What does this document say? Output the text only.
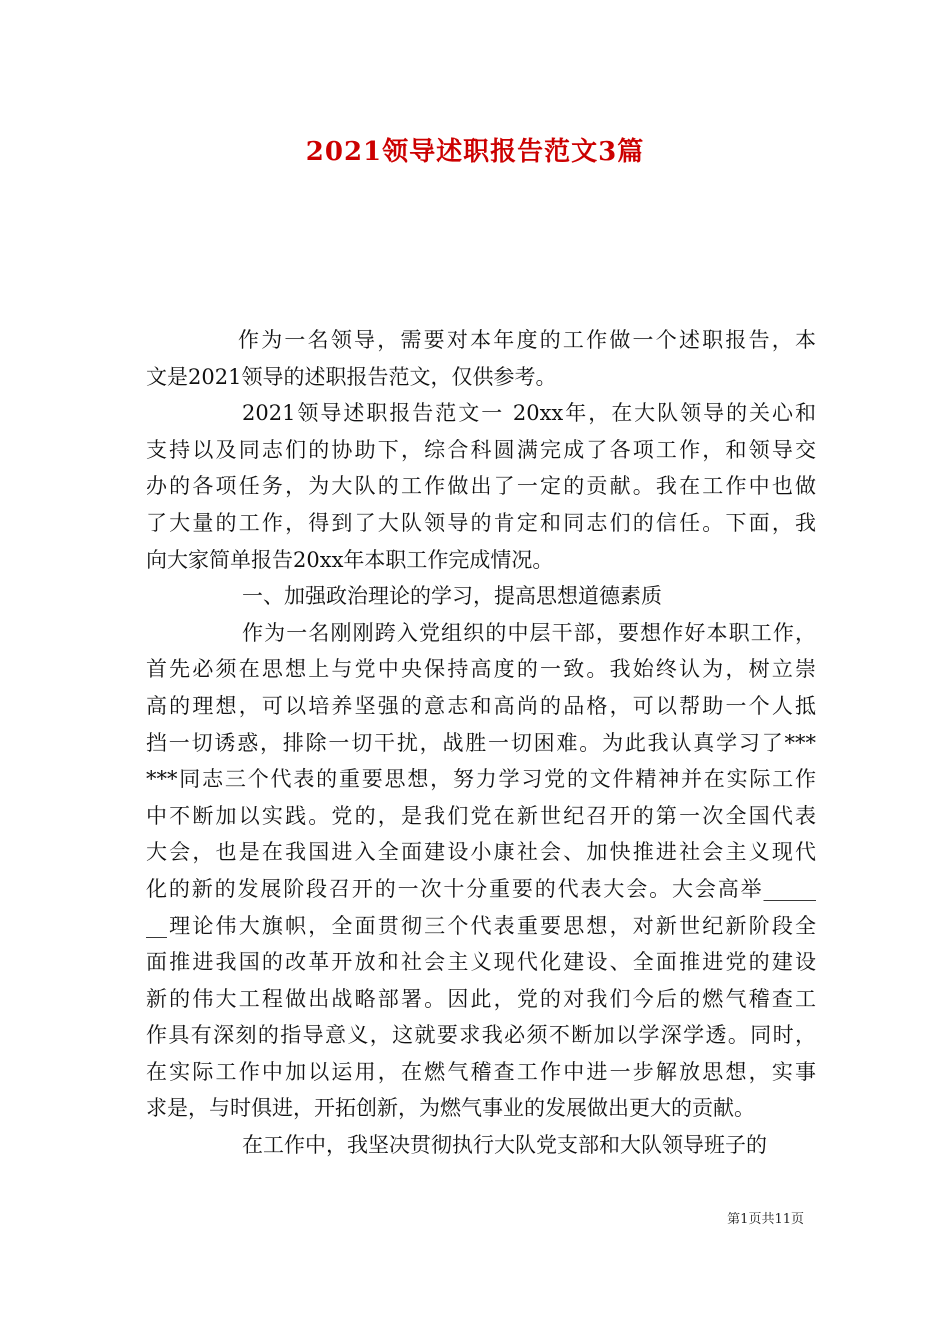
2021领导述职报告范文3篇
作为一名领导，需要对本年度的工作做一个述职报告，本
文是2021领导的述职报告范文，仅供参考。
2021领导述职报告范文一 20xx年，在大队领导的关心和
支持以及同志们的协助下，综合科圆满完成了各项工作，和领导交
办的各项任务，为大队的工作做出了一定的贡献。我在工作中也做
了大量的工作，得到了大队领导的肯定和同志们的信任。下面，我
向大家简单报告20xx年本职工作完成情况。
一、加强政治理论的学习，提高思想道德素质
作为一名刚刚跨入党组织的中层干部，要想作好本职工作，
首先必须在思想上与党中央保持高度的一致。我始终认为，树立崇
高的理想，可以培养坚强的意志和高尚的品格，可以帮助一个人抵
挡一切诱惑，排除一切干扰，战胜一切困难。为此我认真学习了***
***同志三个代表的重要思想，努力学习党的文件精神并在实际工作
中不断加以实践。党的，是我们党在新世纪召开的第一次全国代表
大会，也是在我国进入全面建设小康社会、加快推进社会主义现代
化的新的发展阶段召开的一次十分重要的代表大会。大会高举_____
__理论伟大旗帜，全面贯彻三个代表重要思想，对新世纪新阶段全
面推进我国的改革开放和社会主义现代化建设、全面推进党的建设
新的伟大工程做出战略部署。因此，党的对我们今后的燃气稽查工
作具有深刻的指导意义，这就要求我必须不断加以学深学透。同时，
在实际工作中加以运用，在燃气稽查工作中进一步解放思想，实事
求是，与时俱进，开拓创新，为燃气事业的发展做出更大的贡献。
在工作中，我坚决贯彻执行大队党支部和大队领导班子的
第1页共11页
